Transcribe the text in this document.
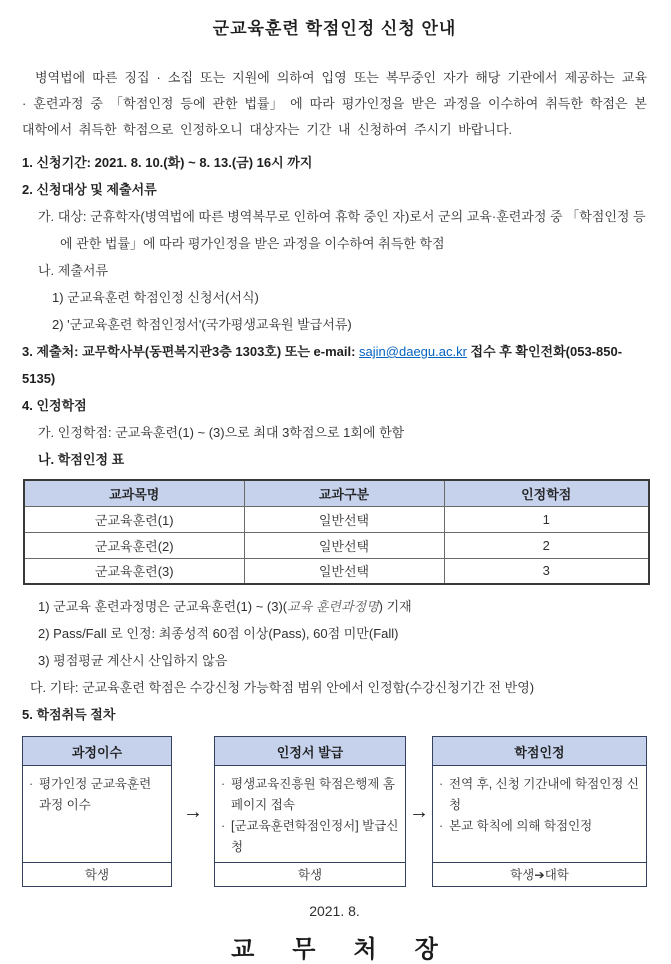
군교육훈련 학점인정 신청 안내

병역법에 따른 징집 · 소집 또는 지원에 의하여 입영 또는 복무중인 자가 해당 기관에서 제공하는 교육 · 훈련과정 중 「학점인정 등에 관한 법률」 에 따라 평가인정을 받은 과정을 이수하여 취득한 학점은 본 대학에서 취득한 학점으로 인정하오니 대상자는 기간 내 신청하여 주시기 바랍니다.

1. 신청기간: 2021. 8. 10.(화) ~ 8. 13.(금) 16시 까지
2. 신청대상 및 제출서류
가. 대상: 군휴학자(병역법에 따른 병역복무로 인하여 휴학 중인 자)로서 군의 교육·훈련과정 중 「학점인정 등에 관한 법률」에 따라 평가인정을 받은 과정을 이수하여 취득한 학점
나. 제출서류
1) 군교육훈련 학점인정 신청서(서식)
2) '군교육훈련 학점인정서'(국가평생교육원 발급서류)
3. 제출처: 교무학사부(동편복지관3층 1303호) 또는 e-mail: sajin@daegu.ac.kr 접수 후 확인전화(053-850-5135)
4. 인정학점
가. 인정학점: 군교육훈련(1) ~ (3)으로 최대 3학점으로 1회에 한함
나. 학점인정 표
교과목명	교과구분	인정학점
군교육훈련(1)	일반선택	1
군교육훈련(2)	일반선택	2
군교육훈련(3)	일반선택	3
1) 군교육 훈련과정명은 군교육훈련(1) ~ (3)(교육 훈련과정명) 기재
2) Pass/Fall 로 인정: 최종성적 60점 이상(Pass), 60점 미만(Fall)
3) 평점평균 계산시 산입하지 않음
다. 기타: 군교육훈련 학점은 수강신청 가능학점 범위 안에서 인정함(수강신청기간 전 반영)
5. 학점취득 절차
과정이수
· 평가인정 군교육훈련 과정 이수
학생
→
인정서 발급
· 평생교육진흥원 학점은행제 홈페이지 접속
· [군교육훈련학점인정서] 발급신청
학생
→
학점인정
· 전역 후, 신청 기간내에 학점인정 신청
· 본교 학칙에 의해 학점인정
학생➔대학
2021. 8.
교 무 처 장
